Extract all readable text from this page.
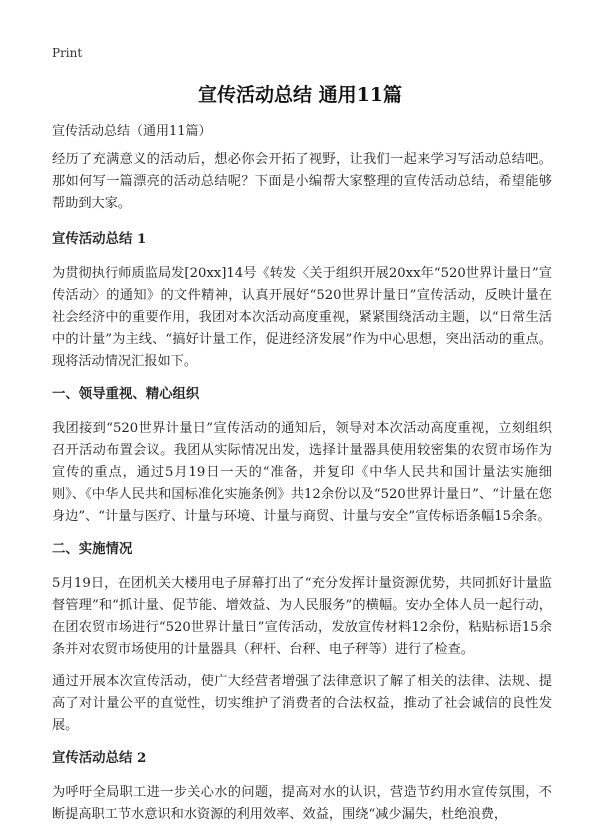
Print
宣传活动总结 通用11篇
宣传活动总结（通用11篇）

经历了充满意义的活动后，想必你会开拓了视野，让我们一起来学习写活动总结吧。那如何写一篇漂亮的活动总结呢？下面是小编帮大家整理的宣传活动总结，希望能够帮助到大家。

宣传活动总结 1

为贯彻执行师质监局发[20xx]14号《转发〈关于组织开展20xx年“520世界计量日”宣传活动〉的通知》的文件精神，认真开展好“520世界计量日”宣传活动，反映计量在社会经济中的重要作用，我团对本次活动高度重视，紧紧围绕活动主题，以“日常生活中的计量”为主线、“搞好计量工作，促进经济发展”作为中心思想，突出活动的重点。现将活动情况汇报如下。

一、领导重视、精心组织

我团接到“520世界计量日”宣传活动的通知后，领导对本次活动高度重视，立刻组织召开活动布置会议。我团从实际情况出发，选择计量器具使用较密集的农贸市场作为宣传的重点，通过5月19日一天的“准备，并复印《中华人民共和国计量法实施细则》、《中华人民共和国标准化实施条例》共12余份以及“520世界计量日”、“计量在您身边”、“计量与医疗、计量与环境、计量与商贸、计量与安全”宣传标语条幅15余条。

二、实施情况

5月19日，在团机关大楼用电子屏幕打出了“充分发挥计量资源优势，共同抓好计量监督管理”和“抓计量、促节能、增效益、为人民服务”的横幅。安办全体人员一起行动，在团农贸市场进行“520世界计量日”宣传活动，发放宣传材料12余份，粘贴标语15余条并对农贸市场使用的计量器具（秤杆、台秤、电子秤等）进行了检查。

通过开展本次宣传活动，使广大经营者增强了法律意识了解了相关的法律、法规、提高了对计量公平的直觉性，切实维护了消费者的合法权益，推动了社会诚信的良性发展。

宣传活动总结 2

为呼吁全局职工进一步关心水的问题，提高对水的认识，营造节约用水宣传氛围，不断提高职工节水意识和水资源的利用效率、效益，围绕“减少漏失，杜绝浪费，
